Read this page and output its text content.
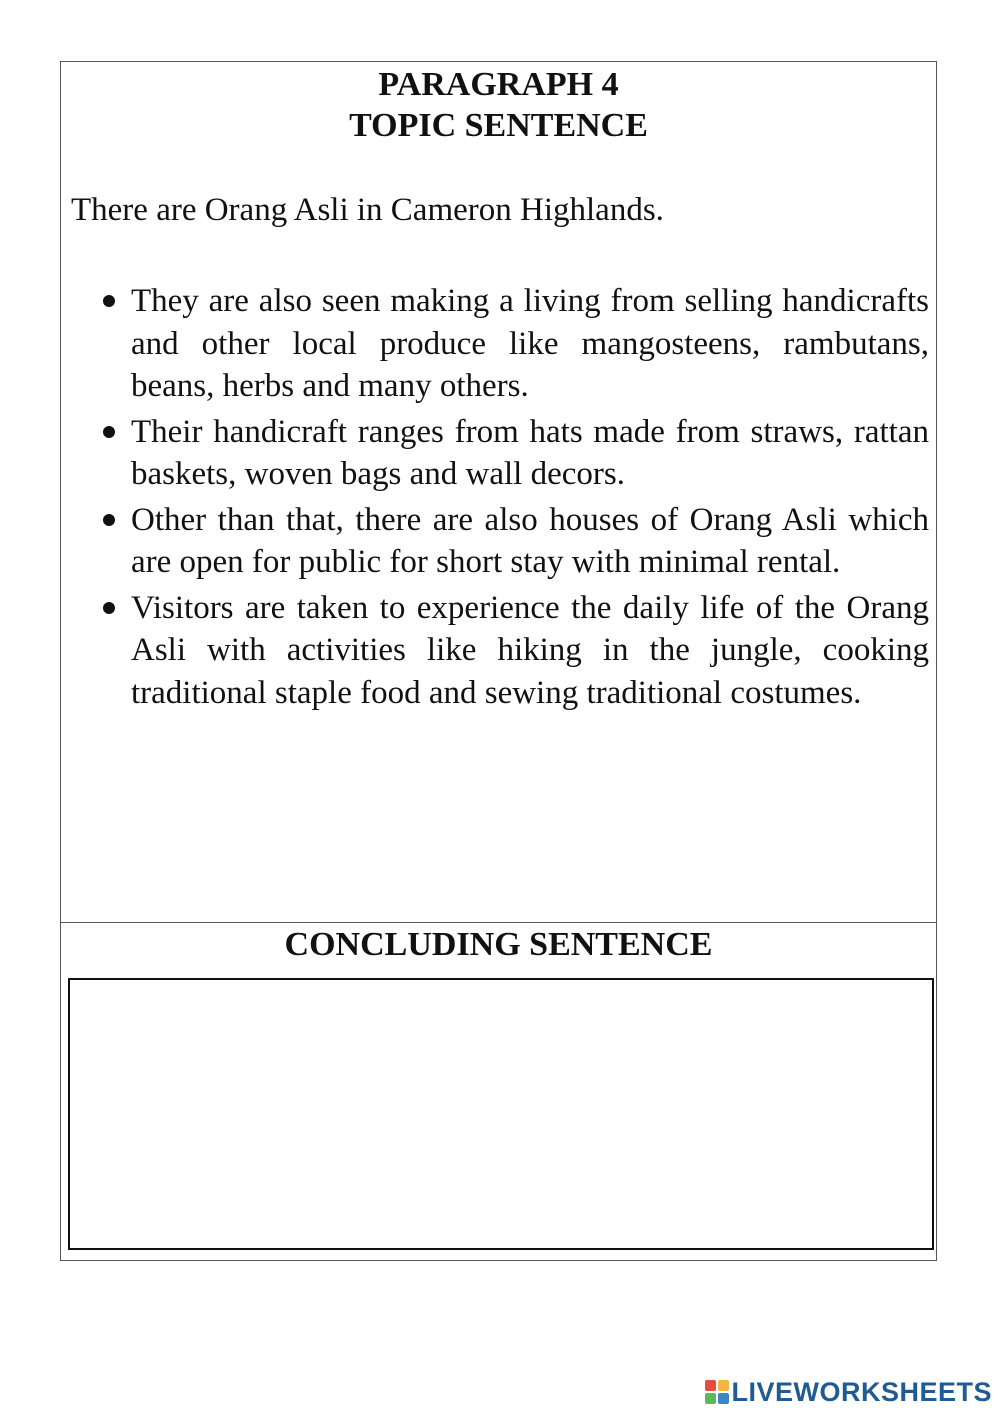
PARAGRAPH 4
TOPIC SENTENCE

There are Orang Asli in Cameron Highlands.

They are also seen making a living from selling handicrafts and other local produce like mangosteens, rambutans, beans, herbs and many others.
Their handicraft ranges from hats made from straws, rattan baskets, woven bags and wall decors.
Other than that, there are also houses of Orang Asli which are open for public for short stay with minimal rental.
Visitors are taken to experience the daily life of the Orang Asli with activities like hiking in the jungle, cooking traditional staple food and sewing traditional costumes.
CONCLUDING SENTENCE
LIVEWORKSHEETS
